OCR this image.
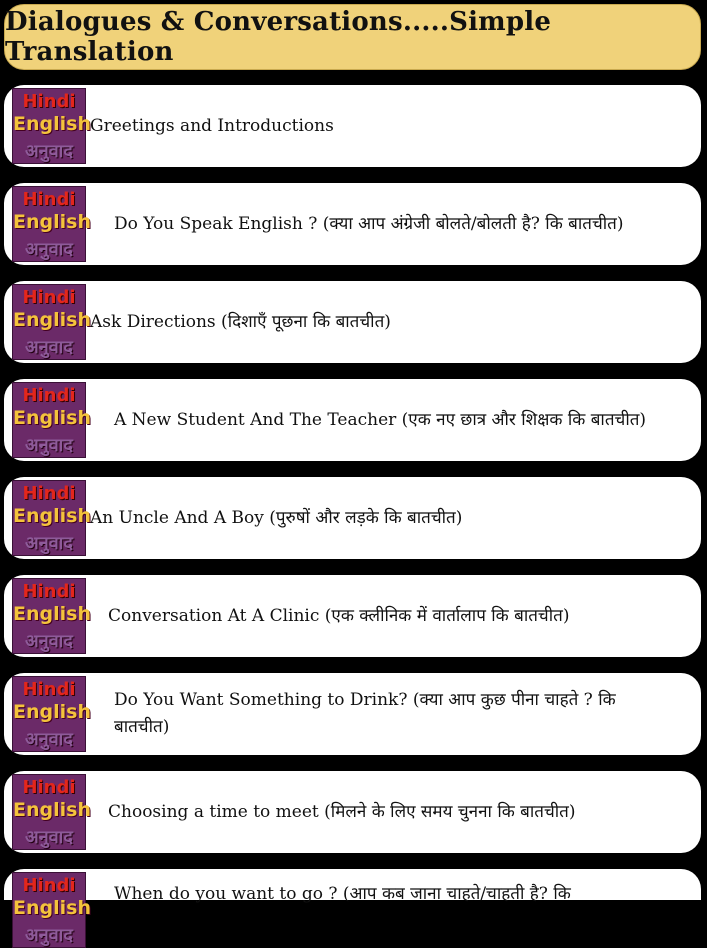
Dialogues & Conversations.....Simple Translation
Hindi
English
अनुवाद
Greetings and Introductions
Hindi
English
अनुवाद
Do You Speak English ? (क्या आप अंग्रेजी बोलते/बोलती है? कि बातचीत)
Hindi
English
अनुवाद
Ask Directions (दिशाएँ पूछना कि बातचीत)
Hindi
English
अनुवाद
A New Student And The Teacher (एक नए छात्र और शिक्षक कि बातचीत)
Hindi
English
अनुवाद
An Uncle And A Boy (पुरुषों और लड़के कि बातचीत)
Hindi
English
अनुवाद
Conversation At A Clinic (एक क्लीनिक में वार्तालाप कि बातचीत)
Hindi
English
अनुवाद
Do You Want Something to Drink? (क्या आप कुछ पीना चाहते ? कि बातचीत)
Hindi
English
अनुवाद
Choosing a time to meet (मिलने के लिए समय चुनना कि बातचीत)
Hindi
English
अनुवाद
When do you want to go ? (आप कब जाना चाहते/चाहती है? कि
